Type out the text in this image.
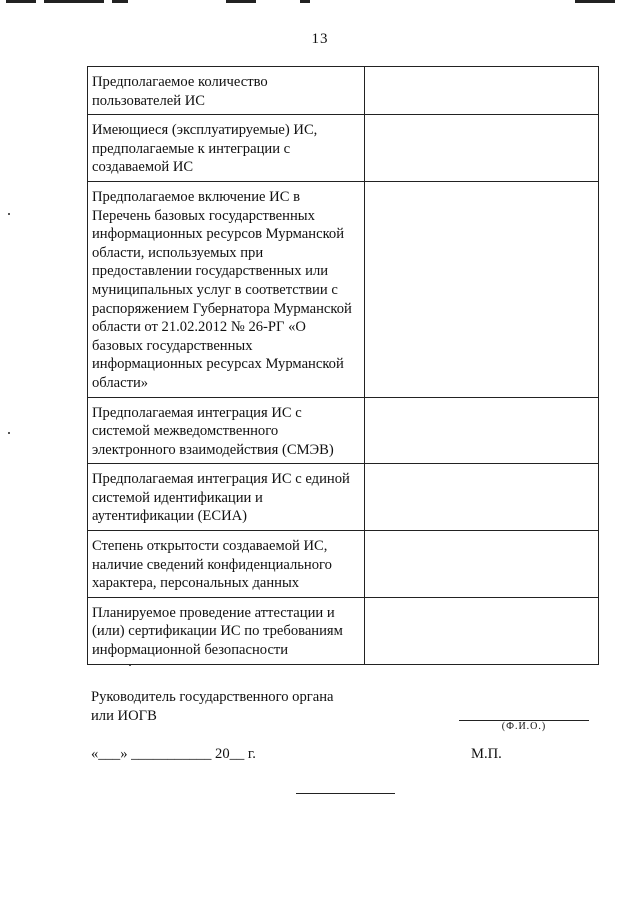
13
Предполагаемое количество пользователей ИС	
Имеющиеся (эксплуатируемые) ИС, предполагаемые к интеграции с создаваемой ИС	
Предполагаемое включение ИС в Перечень базовых государственных информационных ресурсов Мурманской области, используемых при предоставлении государственных или муниципальных услуг в соответствии с распоряжением Губернатора Мурманской области от 21.02.2012 № 26-РГ «О базовых государственных информационных ресурсах Мурманской области»	
Предполагаемая интеграция ИС с системой межведомственного электронного взаимодействия (СМЭВ)	
Предполагаемая интеграция ИС с единой системой идентификации и аутентификации (ЕСИА)	
Степень открытости создаваемой ИС, наличие сведений конфиденциального характера, персональных данных	
Планируемое проведение аттестации и (или) сертификации ИС по требованиям информационной безопасности	
Руководитель государственного органа
или ИОГВ
(Ф.И.О.)
«___» ___________ 20__ г.	М.П.
